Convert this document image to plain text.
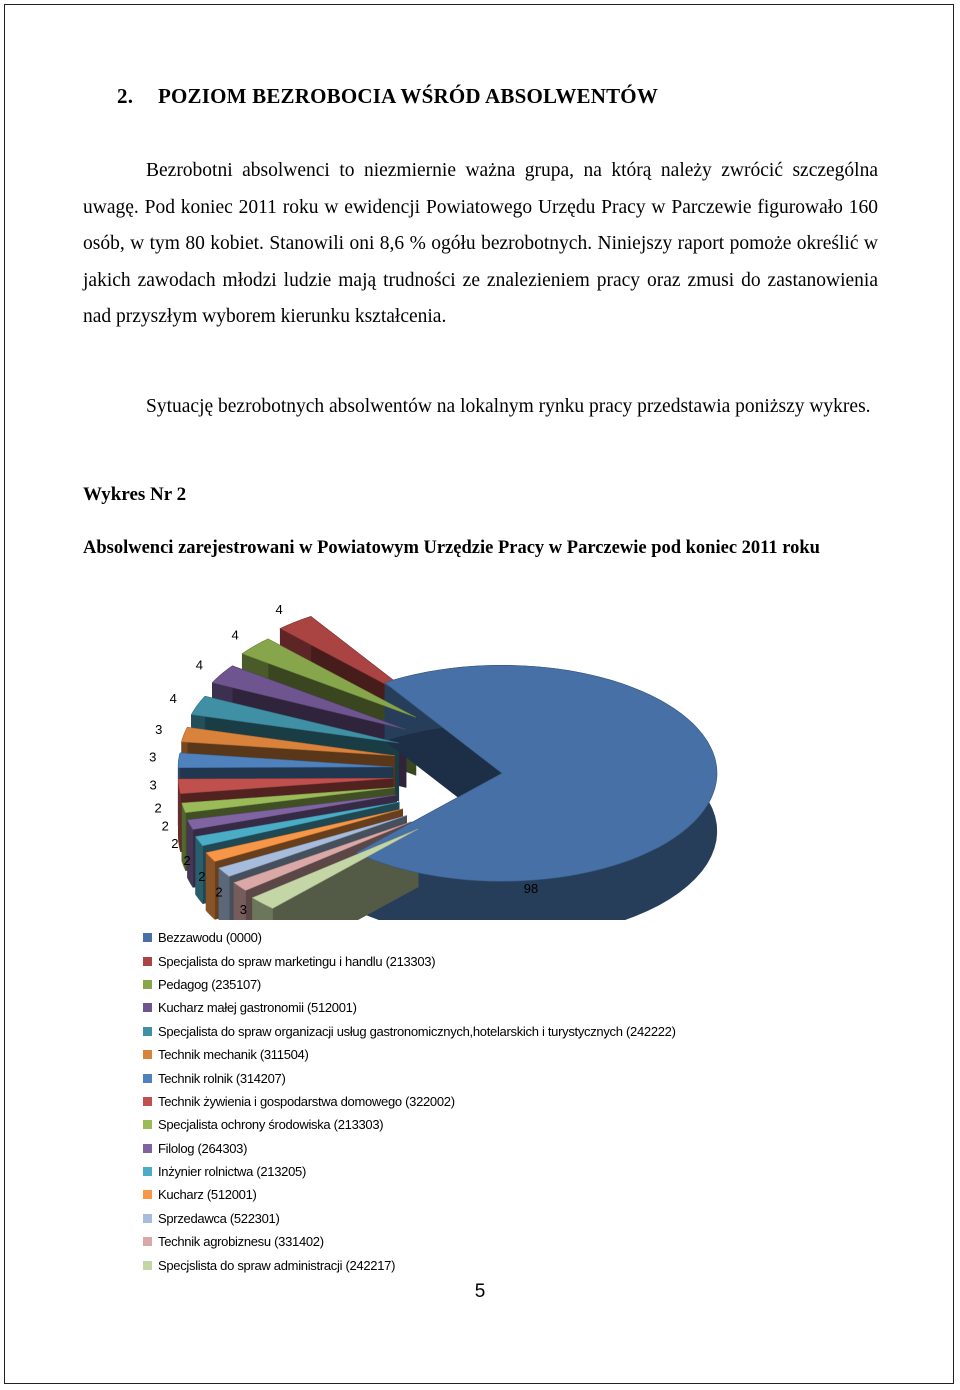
2. POZIOM BEZROBOCIA WŚRÓD ABSOLWENTÓW
Bezrobotni absolwenci to niezmiernie ważna grupa, na którą należy zwrócić szczególna uwagę. Pod koniec 2011 roku w ewidencji Powiatowego Urzędu Pracy w Parczewie figurowało 160 osób, w tym 80 kobiet. Stanowili oni 8,6 % ogółu bezrobotnych. Niniejszy raport pomoże określić w jakich zawodach młodzi ludzie mają trudności ze znalezieniem pracy oraz zmusi do zastanowienia nad przyszłym wyborem kierunku kształcenia.
Sytuację bezrobotnych absolwentów na lokalnym rynku pracy przedstawia poniższy wykres.
Wykres Nr 2
Absolwenci zarejestrowani w Powiatowym Urzędzie Pracy w Parczewie pod koniec 2011 roku
98
4
4
4
4
3
3
3
2
2
2
2
2
2
3
Bezzawodu (0000)
Specjalista do spraw marketingu i handlu (213303)
Pedagog (235107)
Kucharz małej gastronomii (512001)
Specjalista do spraw organizacji usług gastronomicznych,hotelarskich i turystycznych (242222)
Technik mechanik (311504)
Technik rolnik (314207)
Technik żywienia i gospodarstwa domowego (322002)
Specjalista ochrony środowiska (213303)
Filolog (264303)
Inżynier rolnictwa (213205)
Kucharz (512001)
Sprzedawca (522301)
Technik agrobiznesu (331402)
Specjslista do spraw administracji (242217)
5
